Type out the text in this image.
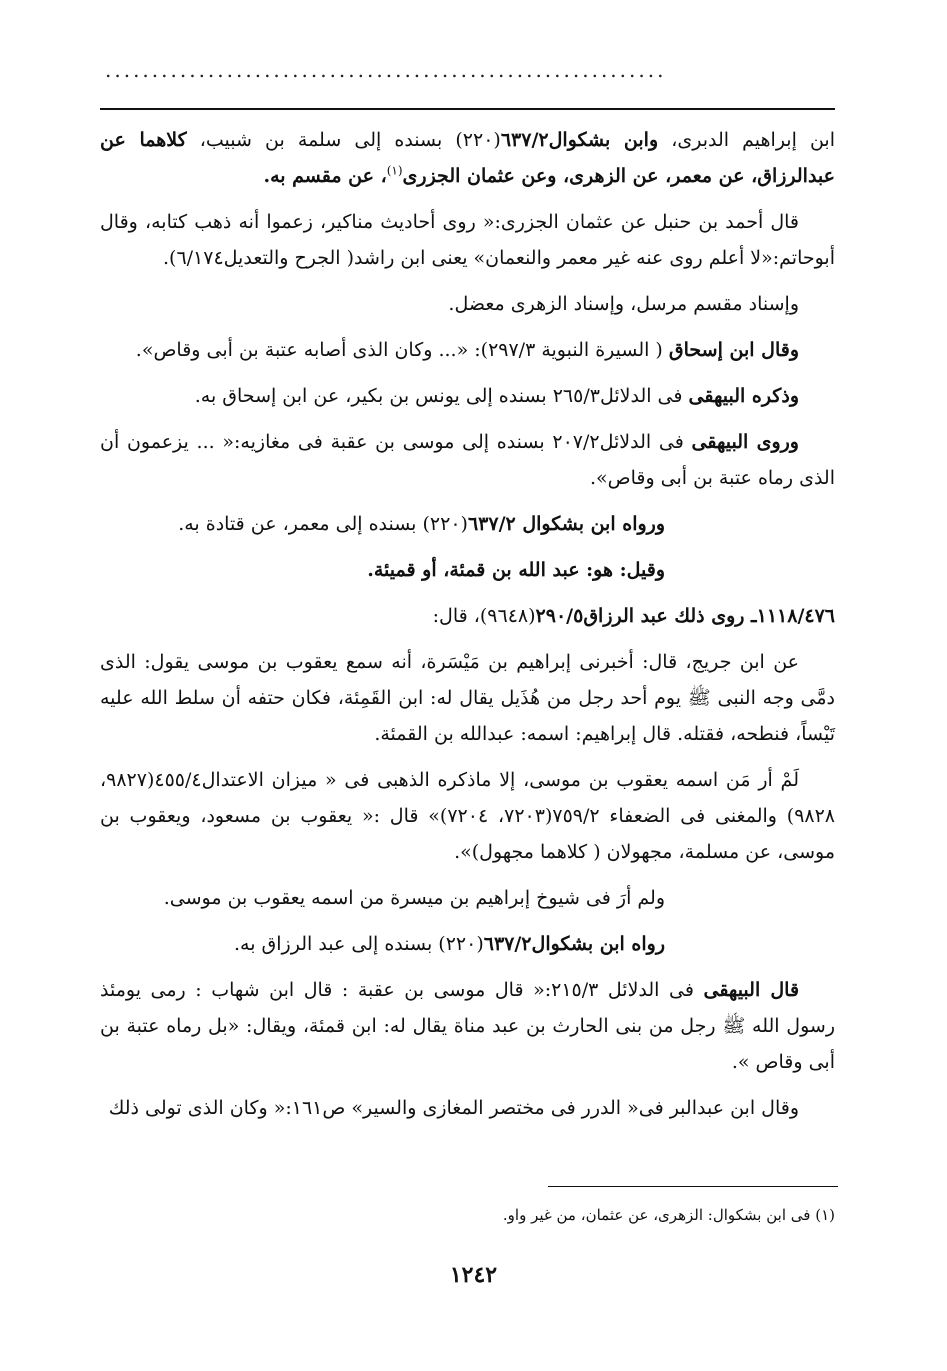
............................................................

ابن إبراهيم الدبرى، وابن بشكوال٦٣٧/٢(٢٢٠) بسنده إلى سلمة بن شبيب، كلاهما عن عبدالرزاق، عن معمر، عن الزهرى، وعن عثمان الجزرى$^{(١)}$، عن مقسم به.

قال أحمد بن حنبل عن عثمان الجزرى:« روى أحاديث مناكير، زعموا أنه ذهب كتابه، وقال أبوحاتم:«لا أعلم روى عنه غير معمر والنعمان» يعنى ابن راشد( الجرح والتعديل٦/١٧٤).

وإسناد مقسم مرسل، وإسناد الزهرى معضل.

وقال ابن إسحاق ( السيرة النبوية ٢٩٧/٣): «... وكان الذى أصابه عتبة بن أبى وقاص».

وذكره البيهقى فى الدلائل٢٦٥/٣ بسنده إلى يونس بن بكير، عن ابن إسحاق به.

وروى البيهقى فى الدلائل٢٠٧/٢ بسنده إلى موسى بن عقبة فى مغازيه:« ... يزعمون أن الذى رماه عتبة بن أبى وقاص».

ورواه ابن بشكوال ٦٣٧/٢(٢٢٠) بسنده إلى معمر، عن قتادة به.

وقيل: هو: عبد الله بن قمئة، أو قميئة.

١١١٨/٤٧٦ـ روى ذلك عبد الرزاق٢٩٠/٥(٩٦٤٨)، قال:

عن ابن جريج، قال: أخبرنى إبراهيم بن مَيْسَرة، أنه سمع يعقوب بن موسى يقول: الذى دمَّى وجه النبى ﷺ يوم أحد رجل من هُذَيل يقال له: ابن القَمِئة، فكان حتفه أن سلط الله عليه تَيْساً، فنطحه، فقتله. قال إبراهيم: اسمه: عبدالله بن القمئة.

لَمْ أر مَن اسمه يعقوب بن موسى، إلا ماذكره الذهبى فى « ميزان الاعتدال٤٥٥/٤(٩٨٢٧، ٩٨٢٨) والمغنى فى الضعفاء ٧٥٩/٢(٧٢٠٣، ٧٢٠٤)» قال :« يعقوب بن مسعود، ويعقوب بن موسى، عن مسلمة، مجهولان ( كلاهما مجهول)».

ولم أرَ فى شيوخ إبراهيم بن ميسرة من اسمه يعقوب بن موسى.

رواه ابن بشكوال٦٣٧/٢(٢٢٠) بسنده إلى عبد الرزاق به.

قال البيهقى فى الدلائل ٢١٥/٣:« قال موسى بن عقبة : قال ابن شهاب : رمى يومئذ رسول الله ﷺ رجل من بنى الحارث بن عبد مناة يقال له: ابن قمئة، ويقال: «بل رماه عتبة بن أبى وقاص ».

وقال ابن عبدالبر فى« الدرر فى مختصر المغازى والسير» ص١٦١:« وكان الذى تولى ذلك

(١) فى ابن بشكوال: الزهرى، عن عثمان، من غير واو.
١٢٤٢
